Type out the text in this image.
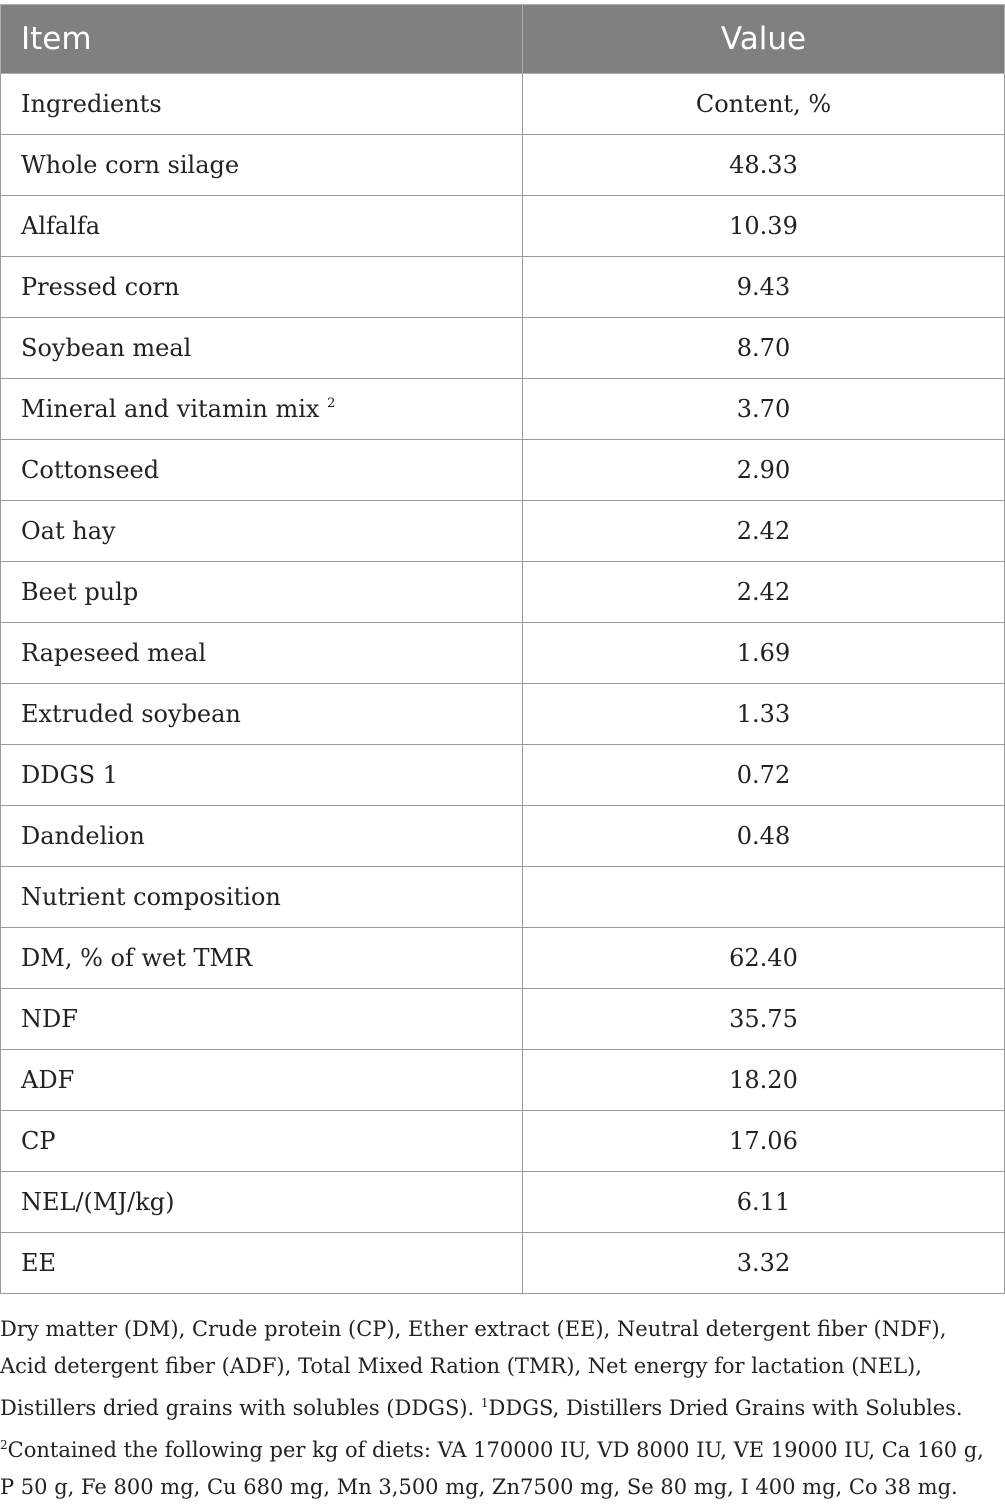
Item	Value
Ingredients	Content, %
Whole corn silage	48.33
Alfalfa	10.39
Pressed corn	9.43
Soybean meal	8.70
Mineral and vitamin mix $^2$	3.70
Cottonseed	2.90
Oat hay	2.42
Beet pulp	2.42
Rapeseed meal	1.69
Extruded soybean	1.33
DDGS 1	0.72
Dandelion	0.48
Nutrient composition	
DM, % of wet TMR	62.40
NDF	35.75
ADF	18.20
CP	17.06
NEL/(MJ/kg)	6.11
EE	3.32

Dry matter (DM), Crude protein (CP), Ether extract (EE), Neutral detergent fiber (NDF),

Acid detergent fiber (ADF), Total Mixed Ration (TMR), Net energy for lactation (NEL),

Distillers dried grains with solubles (DDGS). $^1$DDGS, Distillers Dried Grains with Solubles.

$^2$Contained the following per kg of diets: VA 170000 IU, VD 8000 IU, VE 19000 IU, Ca 160 g,

P 50 g, Fe 800 mg, Cu 680 mg, Mn 3,500 mg, Zn7500 mg, Se 80 mg, I 400 mg, Co 38 mg.
